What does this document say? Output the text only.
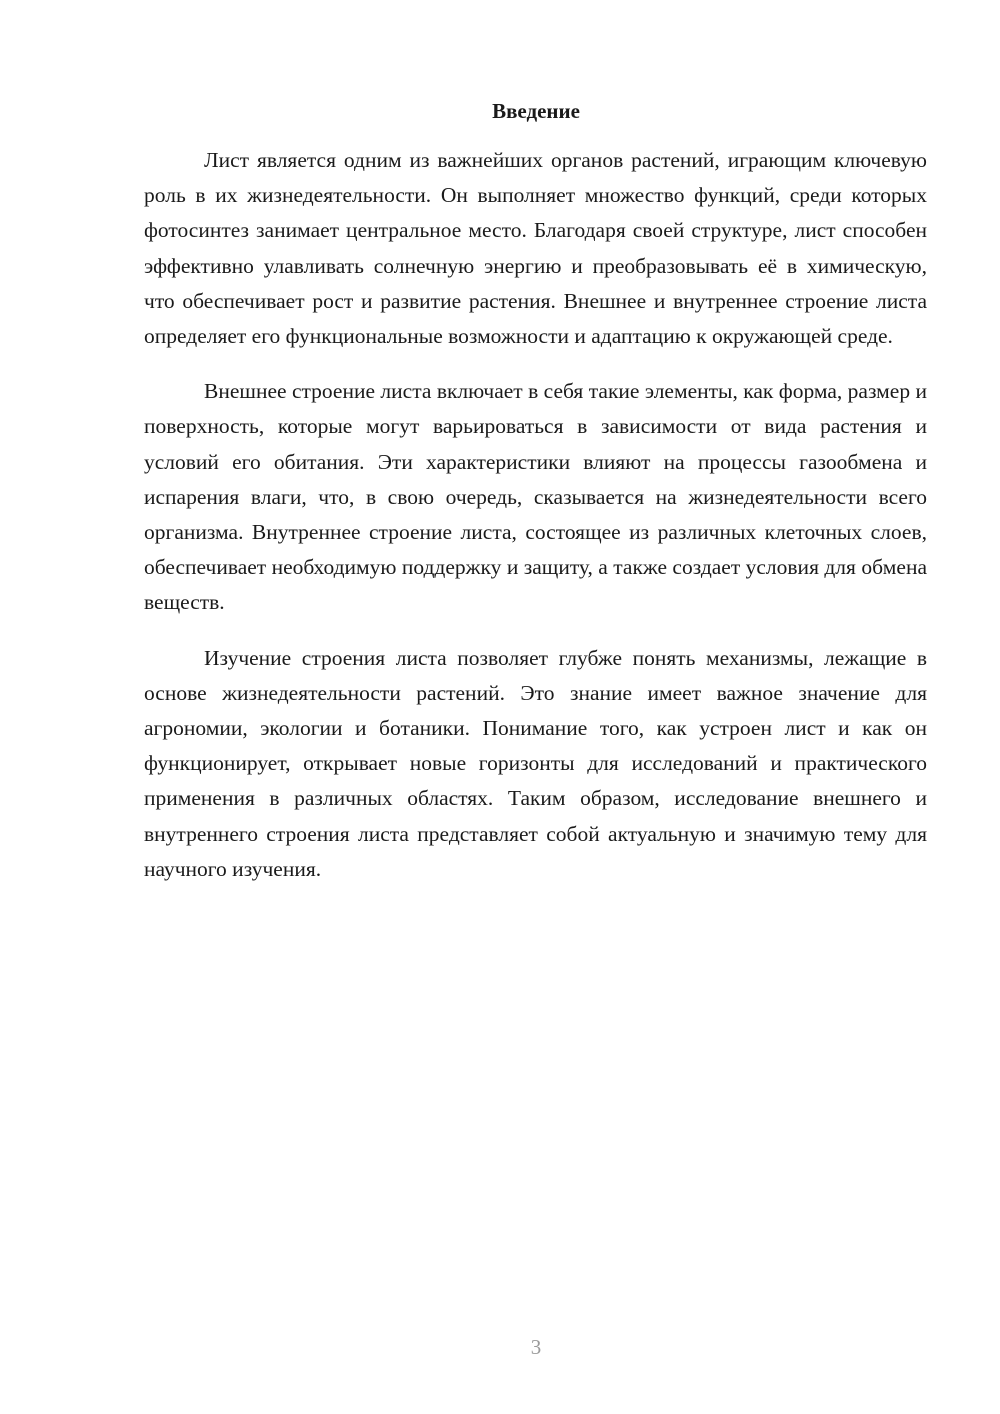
Введение

Лист является одним из важнейших органов растений, играющим ключевую роль в их жизнедеятельности. Он выполняет множество функций, среди которых фотосинтез занимает центральное место. Благодаря своей структуре, лист способен эффективно улавливать солнечную энергию и преобразовывать её в химическую, что обеспечивает рост и развитие растения. Внешнее и внутреннее строение листа определяет его функциональные возможности и адаптацию к окружающей среде.

Внешнее строение листа включает в себя такие элементы, как форма, размер и поверхность, которые могут варьироваться в зависимости от вида растения и условий его обитания. Эти характеристики влияют на процессы газообмена и испарения влаги, что, в свою очередь, сказывается на жизнедеятельности всего организма. Внутреннее строение листа, состоящее из различных клеточных слоев, обеспечивает необходимую поддержку и защиту, а также создает условия для обмена веществ.

Изучение строения листа позволяет глубже понять механизмы, лежащие в основе жизнедеятельности растений. Это знание имеет важное значение для агрономии, экологии и ботаники. Понимание того, как устроен лист и как он функционирует, открывает новые горизонты для исследований и практического применения в различных областях. Таким образом, исследование внешнего и внутреннего строения листа представляет собой актуальную и значимую тему для научного изучения.

3
